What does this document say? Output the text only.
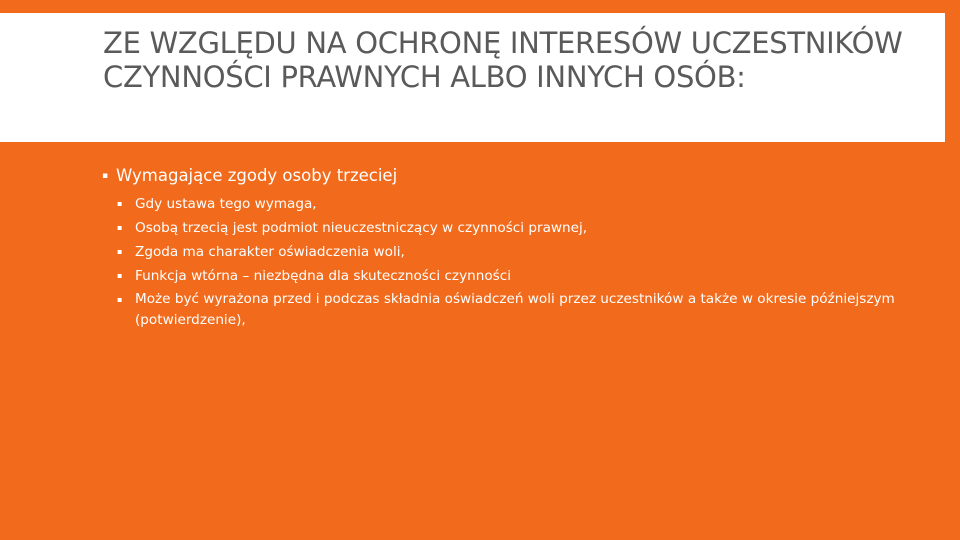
ZE WZGLĘDU NA OCHRONĘ INTERESÓW UCZESTNIKÓW CZYNNOŚCI PRAWNYCH ALBO INNYCH OSÓB:
▪ Wymagające zgody osoby trzeciej
▪ Gdy ustawa tego wymaga,
▪ Osobą trzecią jest podmiot nieuczestniczący w czynności prawnej,
▪ Zgoda ma charakter oświadczenia woli,
▪ Funkcja wtórna – niezbędna dla skuteczności czynności
▪ Może być wyrażona przed i podczas składnia oświadczeń woli przez uczestników a także w okresie późniejszym (potwierdzenie),
